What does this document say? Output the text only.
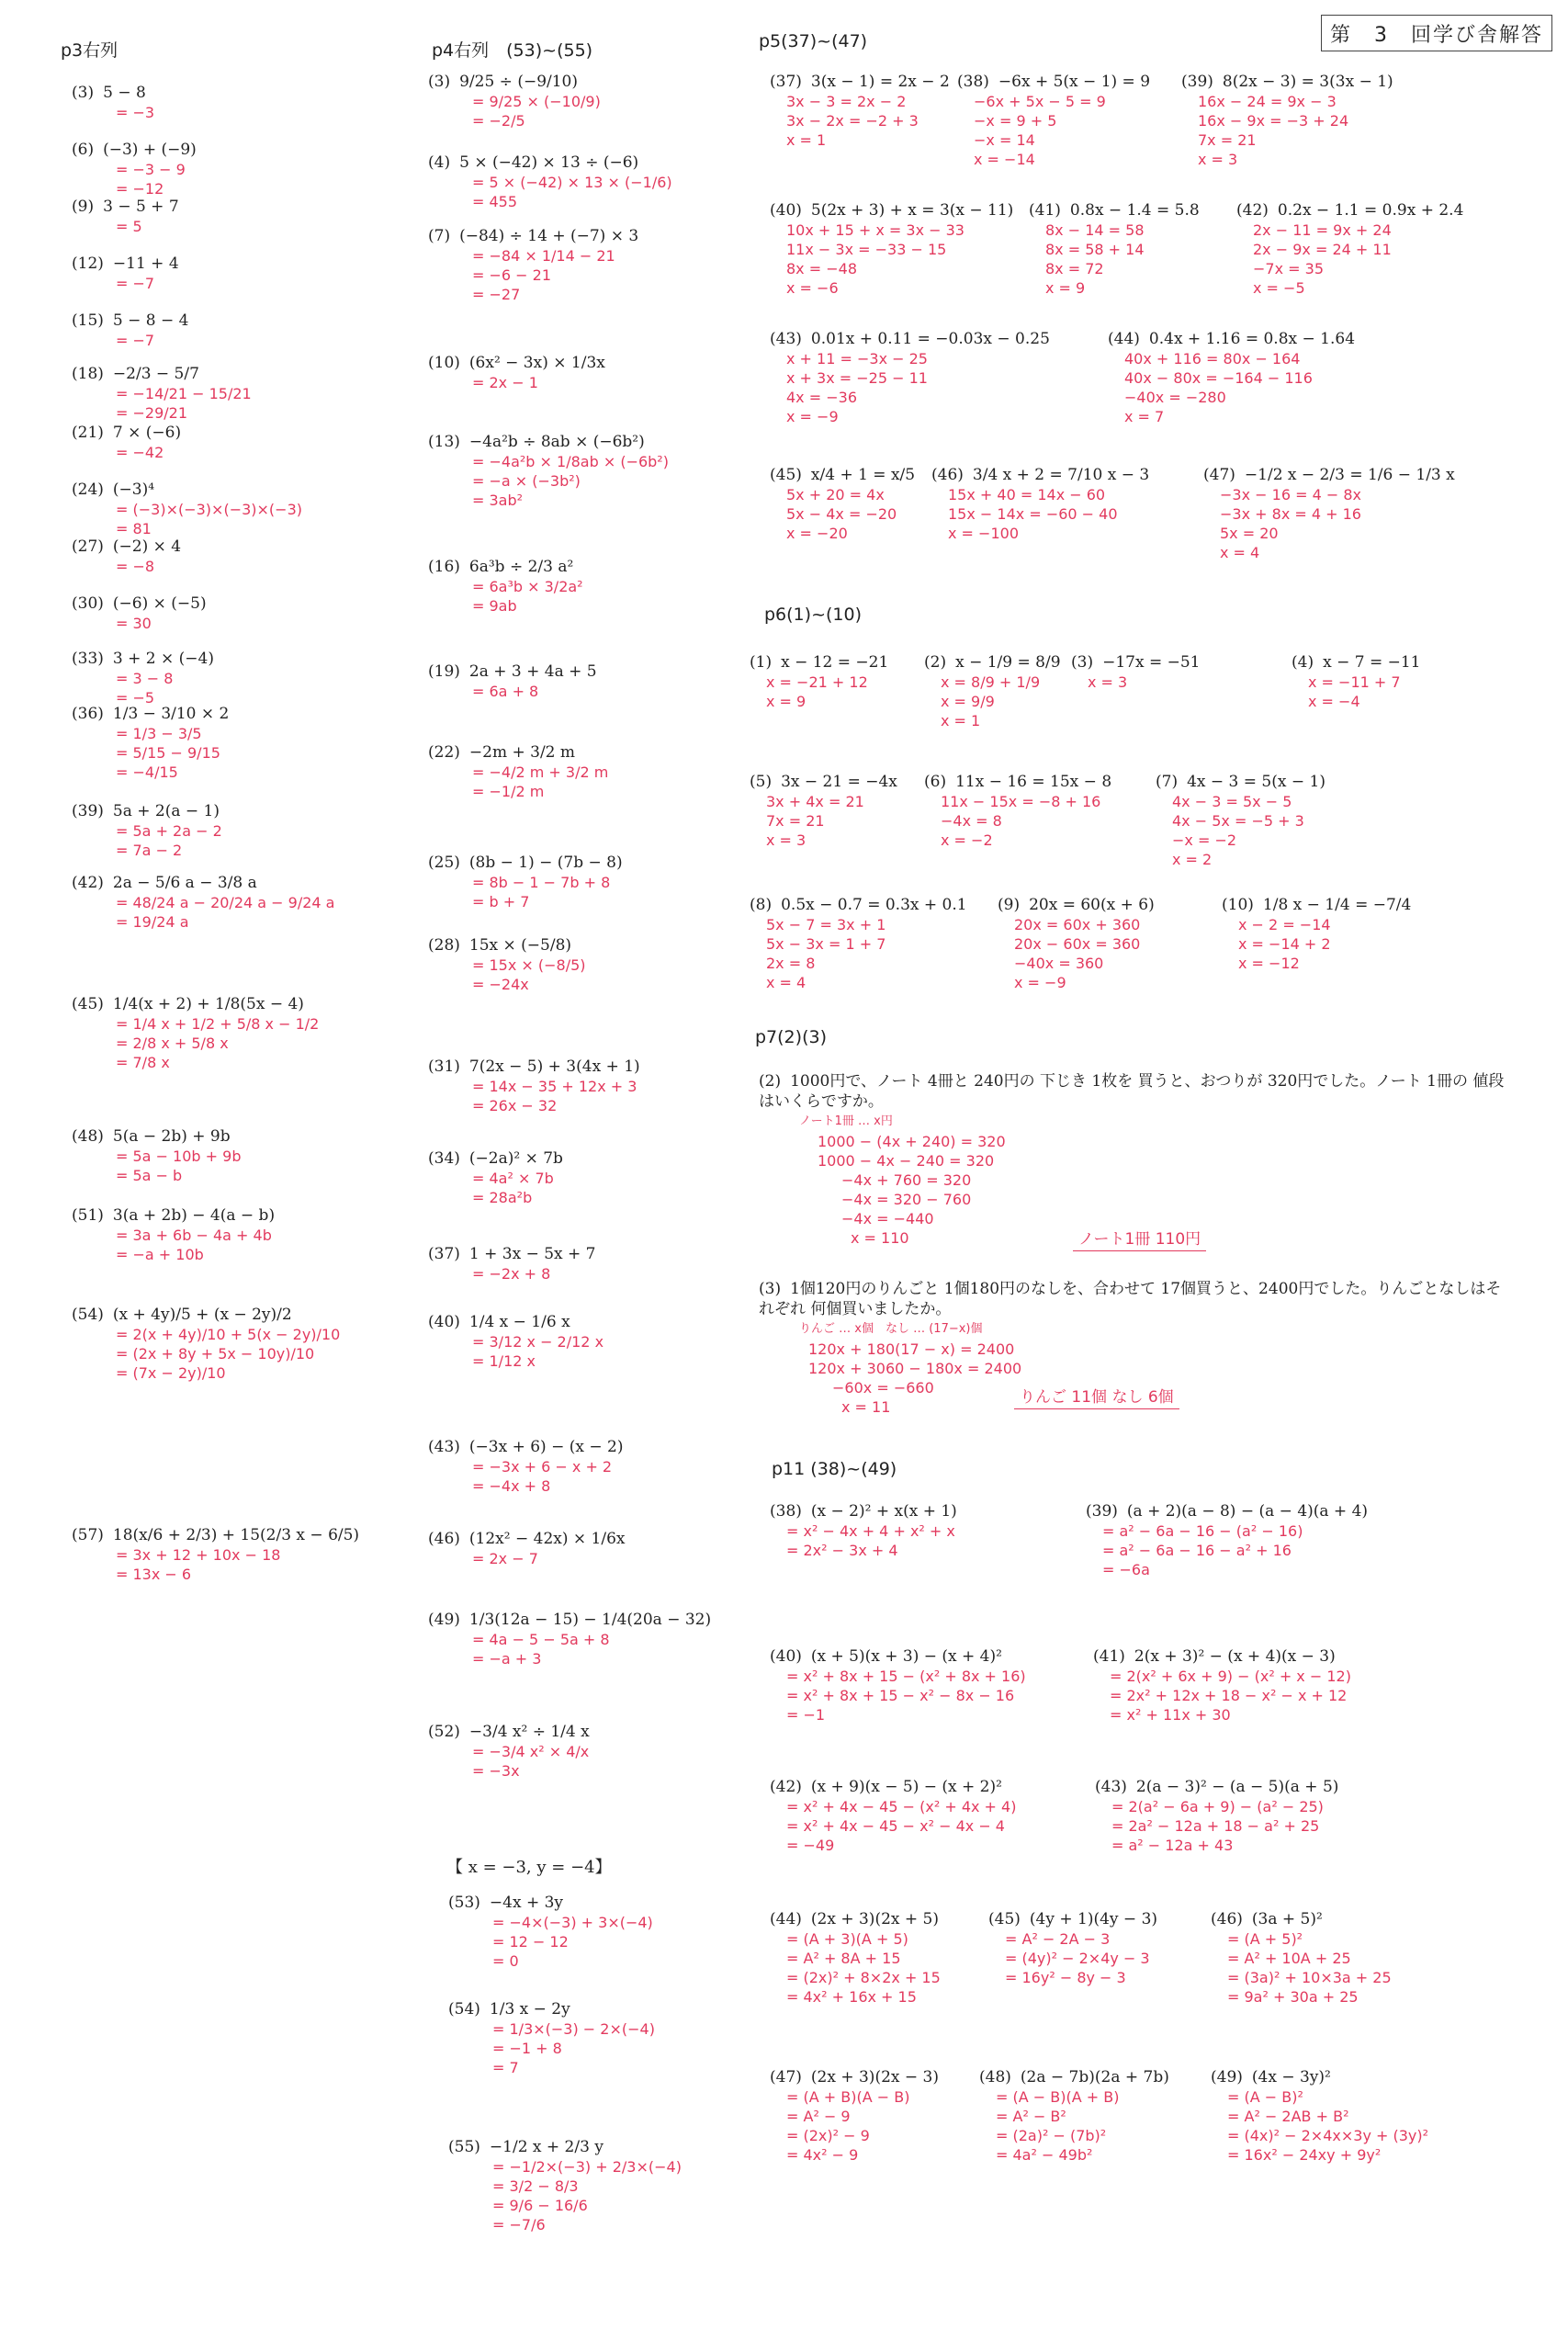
第　3　回学び舎解答
p3右列	p4右列　(53)~(55)	p5(37)~(47)
p6(1)~(10)
p7(2)(3)
p11 (38)~(49)
【 x = −3, y = −4】
(3) 5 − 8
= −3
(6) (−3) + (−9)
= −3 − 9
= −12
(9) 3 − 5 + 7
= 5
(12) −11 + 4
= −7
(15) 5 − 8 − 4
= −7
(18) −2/3 − 5/7
= −14/21 − 15/21
= −29/21
(21) 7 × (−6)
= −42
(24) (−3)⁴
= (−3)×(−3)×(−3)×(−3)
= 81
(27) (−2) × 4
= −8
(30) (−6) × (−5)
= 30
(33) 3 + 2 × (−4)
= 3 − 8
= −5
(36) 1/3 − 3/10 × 2
= 1/3 − 3/5
= 5/15 − 9/15
= −4/15
(39) 5a + 2(a − 1)
= 5a + 2a − 2
= 7a − 2
(42) 2a − 5/6 a − 3/8 a
= 48/24 a − 20/24 a − 9/24 a
= 19/24 a
(45) 1/4(x + 2) + 1/8(5x − 4)
= 1/4 x + 1/2 + 5/8 x − 1/2
= 2/8 x + 5/8 x
= 7/8 x
(48) 5(a − 2b) + 9b
= 5a − 10b + 9b
= 5a − b
(51) 3(a + 2b) − 4(a − b)
= 3a + 6b − 4a + 4b
= −a + 10b
(54) (x + 4y)/5 + (x − 2y)/2
= 2(x + 4y)/10 + 5(x − 2y)/10
= (2x + 8y + 5x − 10y)/10
= (7x − 2y)/10
(57) 18(x/6 + 2/3) + 15(2/3 x − 6/5)
= 3x + 12 + 10x − 18
= 13x − 6
(3) 9/25 ÷ (−9/10)
= 9/25 × (−10/9)
= −2/5
(4) 5 × (−42) × 13 ÷ (−6)
= 5 × (−42) × 13 × (−1/6)
= 455
(7) (−84) ÷ 14 + (−7) × 3
= −84 × 1/14 − 21
= −6 − 21
= −27
(10) (6x² − 3x) × 1/3x
= 2x − 1
(13) −4a²b ÷ 8ab × (−6b²)
= −4a²b × 1/8ab × (−6b²)
= −a × (−3b²)
= 3ab²
(16) 6a³b ÷ 2/3 a²
= 6a³b × 3/2a²
= 9ab
(19) 2a + 3 + 4a + 5
= 6a + 8
(22) −2m + 3/2 m
= −4/2 m + 3/2 m
= −1/2 m
(25) (8b − 1) − (7b − 8)
= 8b − 1 − 7b + 8
= b + 7
(28) 15x × (−5/8)
= 15x × (−8/5)
= −24x
(31) 7(2x − 5) + 3(4x + 1)
= 14x − 35 + 12x + 3
= 26x − 32
(34) (−2a)² × 7b
= 4a² × 7b
= 28a²b
(37) 1 + 3x − 5x + 7
= −2x + 8
(40) 1/4 x − 1/6 x
= 3/12 x − 2/12 x
= 1/12 x
(43) (−3x + 6) − (x − 2)
= −3x + 6 − x + 2
= −4x + 8
(46) (12x² − 42x) × 1/6x
= 2x − 7
(49) 1/3(12a − 15) − 1/4(20a − 32)
= 4a − 5 − 5a + 8
= −a + 3
(52) −3/4 x² ÷ 1/4 x
= −3/4 x² × 4/x
= −3x
(53) −4x + 3y
= −4×(−3) + 3×(−4)
= 12 − 12
= 0
(54) 1/3 x − 2y
= 1/3×(−3) − 2×(−4)
= −1 + 8
= 7
(55) −1/2 x + 2/3 y
= −1/2×(−3) + 2/3×(−4)
= 3/2 − 8/3
= 9/6 − 16/6
= −7/6
(37) 3(x − 1) = 2x − 2
3x − 3 = 2x − 2
3x − 2x = −2 + 3
x = 1
(38) −6x + 5(x − 1) = 9
−6x + 5x − 5 = 9
−x = 9 + 5
−x = 14
x = −14
(39) 8(2x − 3) = 3(3x − 1)
16x − 24 = 9x − 3
16x − 9x = −3 + 24
7x = 21
x = 3
(40) 5(2x + 3) + x = 3(x − 11)
10x + 15 + x = 3x − 33
11x − 3x = −33 − 15
8x = −48
x = −6
(41) 0.8x − 1.4 = 5.8
8x − 14 = 58
8x = 58 + 14
8x = 72
x = 9
(42) 0.2x − 1.1 = 0.9x + 2.4
2x − 11 = 9x + 24
2x − 9x = 24 + 11
−7x = 35
x = −5
(43) 0.01x + 0.11 = −0.03x − 0.25
x + 11 = −3x − 25
x + 3x = −25 − 11
4x = −36
x = −9
(44) 0.4x + 1.16 = 0.8x − 1.64
40x + 116 = 80x − 164
40x − 80x = −164 − 116
−40x = −280
x = 7
(45) x/4 + 1 = x/5
5x + 20 = 4x
5x − 4x = −20
x = −20
(46) 3/4 x + 2 = 7/10 x − 3
15x + 40 = 14x − 60
15x − 14x = −60 − 40
x = −100
(47) −1/2 x − 2/3 = 1/6 − 1/3 x
−3x − 16 = 4 − 8x
−3x + 8x = 4 + 16
5x = 20
x = 4
(1) x − 12 = −21
x = −21 + 12
x = 9
(2) x − 1/9 = 8/9
x = 8/9 + 1/9
x = 9/9
x = 1
(3) −17x = −51
x = 3
(4) x − 7 = −11
x = −11 + 7
x = −4
(5) 3x − 21 = −4x
3x + 4x = 21
7x = 21
x = 3
(6) 11x − 16 = 15x − 8
11x − 15x = −8 + 16
−4x = 8
x = −2
(7) 4x − 3 = 5(x − 1)
4x − 3 = 5x − 5
4x − 5x = −5 + 3
−x = −2
x = 2
(8) 0.5x − 0.7 = 0.3x + 0.1
5x − 7 = 3x + 1
5x − 3x = 1 + 7
2x = 8
x = 4
(9) 20x = 60(x + 6)
20x = 60x + 360
20x − 60x = 360
−40x = 360
x = −9
(10) 1/8 x − 1/4 = −7/4
x − 2 = −14
x = −14 + 2
x = −12
(38) (x − 2)² + x(x + 1)
= x² − 4x + 4 + x² + x
= 2x² − 3x + 4
(39) (a + 2)(a − 8) − (a − 4)(a + 4)
= a² − 6a − 16 − (a² − 16)
= a² − 6a − 16 − a² + 16
= −6a
(40) (x + 5)(x + 3) − (x + 4)²
= x² + 8x + 15 − (x² + 8x + 16)
= x² + 8x + 15 − x² − 8x − 16
= −1
(41) 2(x + 3)² − (x + 4)(x − 3)
= 2(x² + 6x + 9) − (x² + x − 12)
= 2x² + 12x + 18 − x² − x + 12
= x² + 11x + 30
(42) (x + 9)(x − 5) − (x + 2)²
= x² + 4x − 45 − (x² + 4x + 4)
= x² + 4x − 45 − x² − 4x − 4
= −49
(43) 2(a − 3)² − (a − 5)(a + 5)
= 2(a² − 6a + 9) − (a² − 25)
= 2a² − 12a + 18 − a² + 25
= a² − 12a + 43
(44) (2x + 3)(2x + 5)
= (A + 3)(A + 5)
= A² + 8A + 15
= (2x)² + 8×2x + 15
= 4x² + 16x + 15
(45) (4y + 1)(4y − 3)
= A² − 2A − 3
= (4y)² − 2×4y − 3
= 16y² − 8y − 3
(46) (3a + 5)²
= (A + 5)²
= A² + 10A + 25
= (3a)² + 10×3a + 25
= 9a² + 30a + 25
(47) (2x + 3)(2x − 3)
= (A + B)(A − B)
= A² − 9
= (2x)² − 9
= 4x² − 9
(48) (2a − 7b)(2a + 7b)
= (A − B)(A + B)
= A² − B²
= (2a)² − (7b)²
= 4a² − 49b²
(49) (4x − 3y)²
= (A − B)²
= A² − 2AB + B²
= (4x)² − 2×4x×3y + (3y)²
= 16x² − 24xy + 9y²
(2) 1000円で、ノート 4冊と 240円の 下じき 1枚を 買うと、おつりが 320円でした。ノート 1冊の 値段はいくらですか。
ノート1冊 … x円
1000 − (4x + 240) = 320
1000 − 4x − 240 = 320
−4x + 760 = 320
−4x = 320 − 760
−4x = −440
x = 110	ノート1冊 110円
(3) 1個120円のりんごと 1個180円のなしを、合わせて 17個買うと、2400円でした。りんごとなしはそれぞれ 何個買いましたか。
りんご … x個　なし … (17−x)個
120x + 180(17 − x) = 2400
120x + 3060 − 180x = 2400
−60x = −660
x = 11
りんご 11個 なし 6個
